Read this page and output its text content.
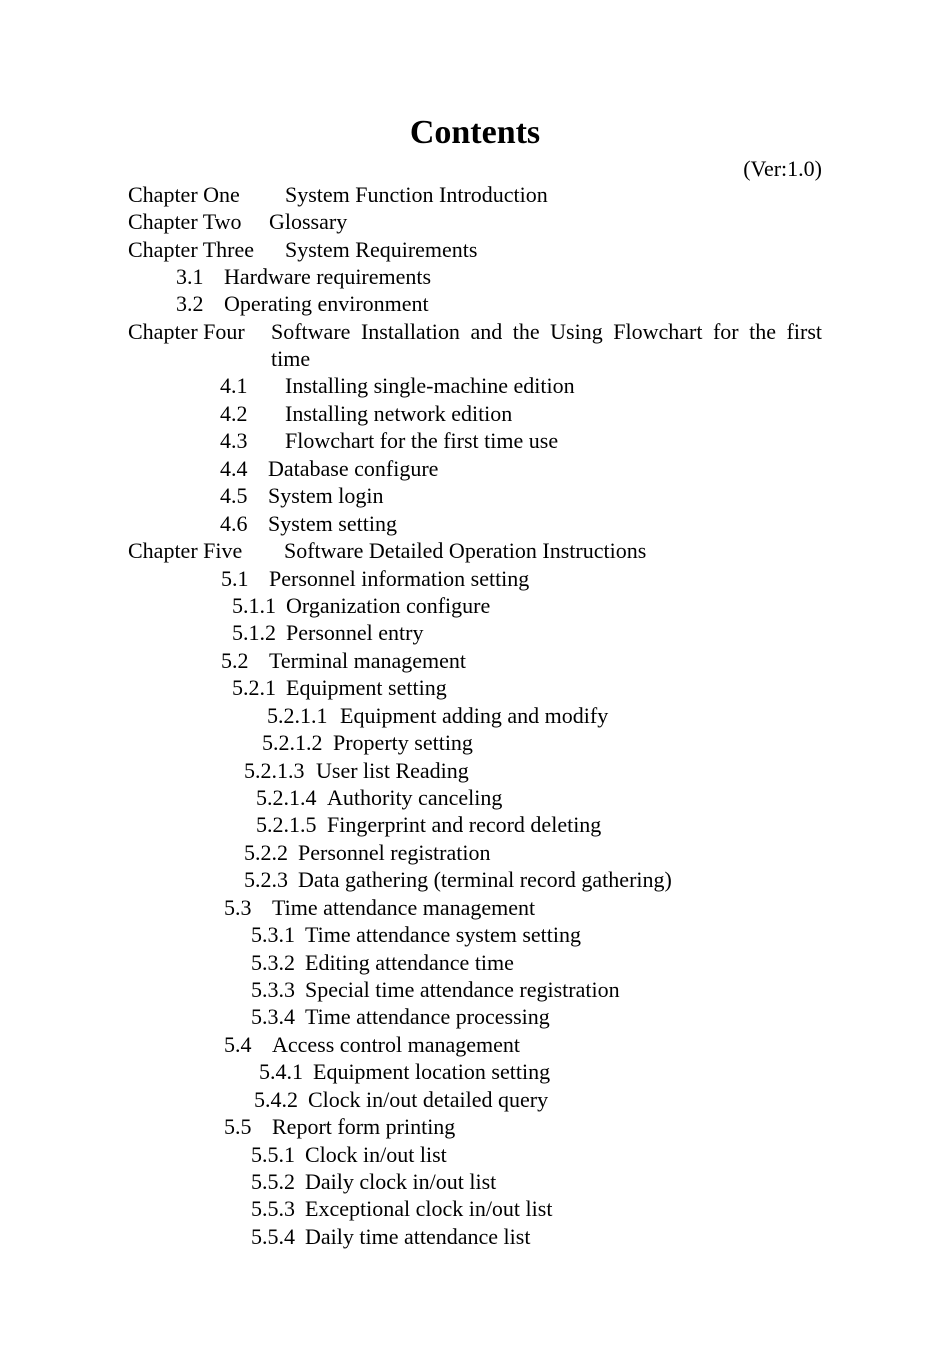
Contents
(Ver:1.0)
Chapter One System Function Introduction
Chapter Two Glossary
Chapter Three System Requirements
3.1 Hardware requirements
3.2 Operating environment
Chapter Four Software Installation and the Using Flowchart for the first time
4.1 Installing single-machine edition
4.2 Installing network edition
4.3 Flowchart for the first time use
4.4 Database configure
4.5 System login
4.6 System setting
Chapter Five Software Detailed Operation Instructions
5.1 Personnel information setting
5.1.1 Organization configure
5.1.2 Personnel entry
5.2 Terminal management
5.2.1 Equipment setting
5.2.1.1 Equipment adding and modify
5.2.1.2 Property setting
5.2.1.3 User list Reading
5.2.1.4 Authority canceling
5.2.1.5 Fingerprint and record deleting
5.2.2 Personnel registration
5.2.3 Data gathering (terminal record gathering)
5.3 Time attendance management
5.3.1 Time attendance system setting
5.3.2 Editing attendance time
5.3.3 Special time attendance registration
5.3.4 Time attendance processing
5.4 Access control management
5.4.1 Equipment location setting
5.4.2 Clock in/out detailed query
5.5 Report form printing
5.5.1 Clock in/out list
5.5.2 Daily clock in/out list
5.5.3 Exceptional clock in/out list
5.5.4 Daily time attendance list
